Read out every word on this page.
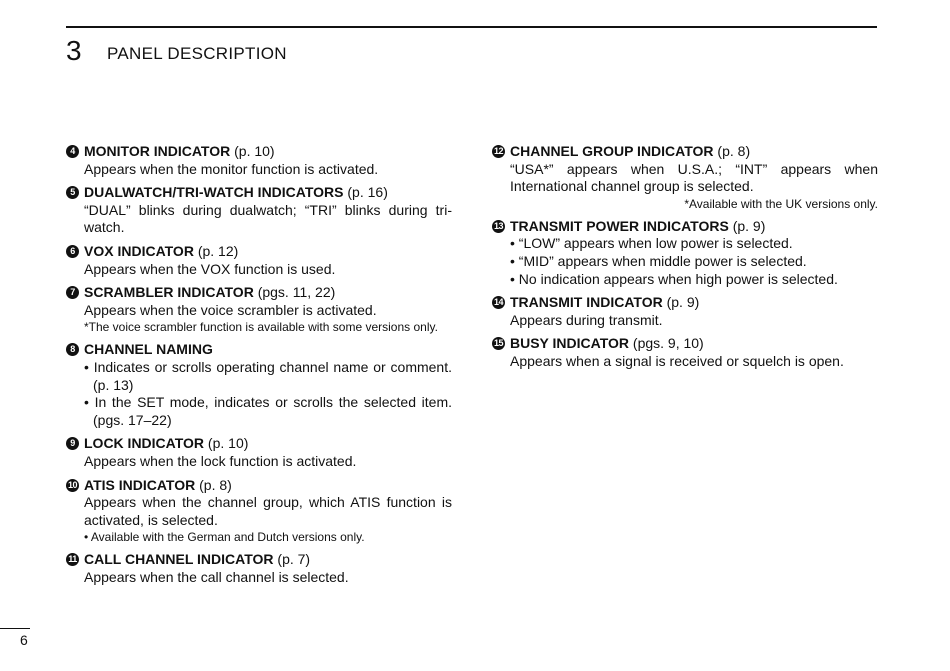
3 PANEL DESCRIPTION
4 MONITOR INDICATOR (p. 10)
Appears when the monitor function is activated.
5 DUALWATCH/TRI-WATCH INDICATORS (p. 16)
“DUAL” blinks during dualwatch; “TRI” blinks during tri-watch.
6 VOX INDICATOR (p. 12)
Appears when the VOX function is used.
7 SCRAMBLER INDICATOR (pgs. 11, 22)
Appears when the voice scrambler is activated.
*The voice scrambler function is available with some versions only.
8 CHANNEL NAMING
• Indicates or scrolls operating channel name or comment. (p. 13)
• In the SET mode, indicates or scrolls the selected item. (pgs. 17–22)
9 LOCK INDICATOR (p. 10)
Appears when the lock function is activated.
10 ATIS INDICATOR (p. 8)
Appears when the channel group, which ATIS function is activated, is selected.
• Available with the German and Dutch versions only.
11 CALL CHANNEL INDICATOR (p. 7)
Appears when the call channel is selected.
12 CHANNEL GROUP INDICATOR (p. 8)
“USA*” appears when U.S.A.; “INT” appears when International channel group is selected.
*Available with the UK versions only.
13 TRANSMIT POWER INDICATORS (p. 9)
• “LOW” appears when low power is selected.
• “MID” appears when middle power is selected.
• No indication appears when high power is selected.
14 TRANSMIT INDICATOR (p. 9)
Appears during transmit.
15 BUSY INDICATOR (pgs. 9, 10)
Appears when a signal is received or squelch is open.
6
